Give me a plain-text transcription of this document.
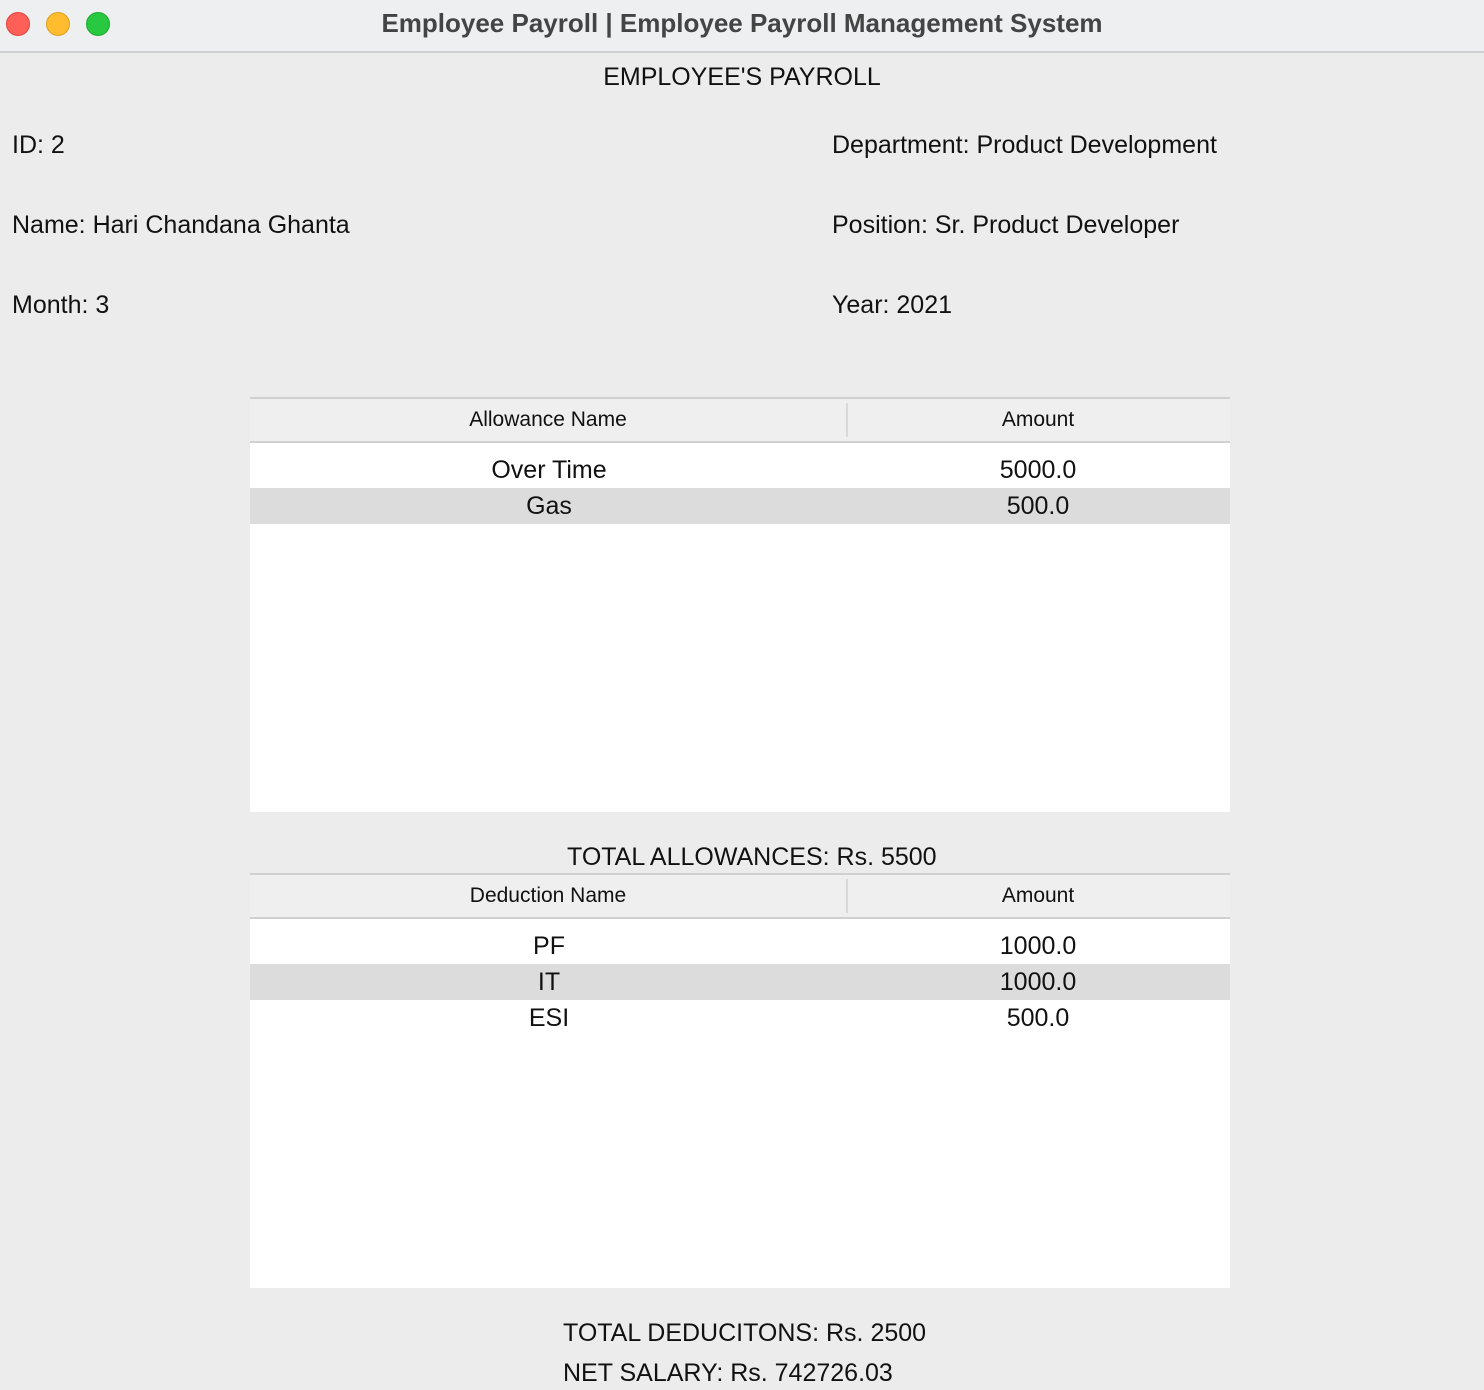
Employee Payroll | Employee Payroll Management System
EMPLOYEE'S PAYROLL
ID: 2
Name: Hari Chandana Ghanta
Month: 3
Department: Product Development
Position: Sr. Product Developer
Year: 2021
Allowance Name	Amount
Over Time	5000.0
Gas	500.0
TOTAL ALLOWANCES: Rs. 5500
Deduction Name	Amount
PF	1000.0
IT	1000.0
ESI	500.0
TOTAL DEDUCITONS: Rs. 2500
NET SALARY: Rs. 742726.03
